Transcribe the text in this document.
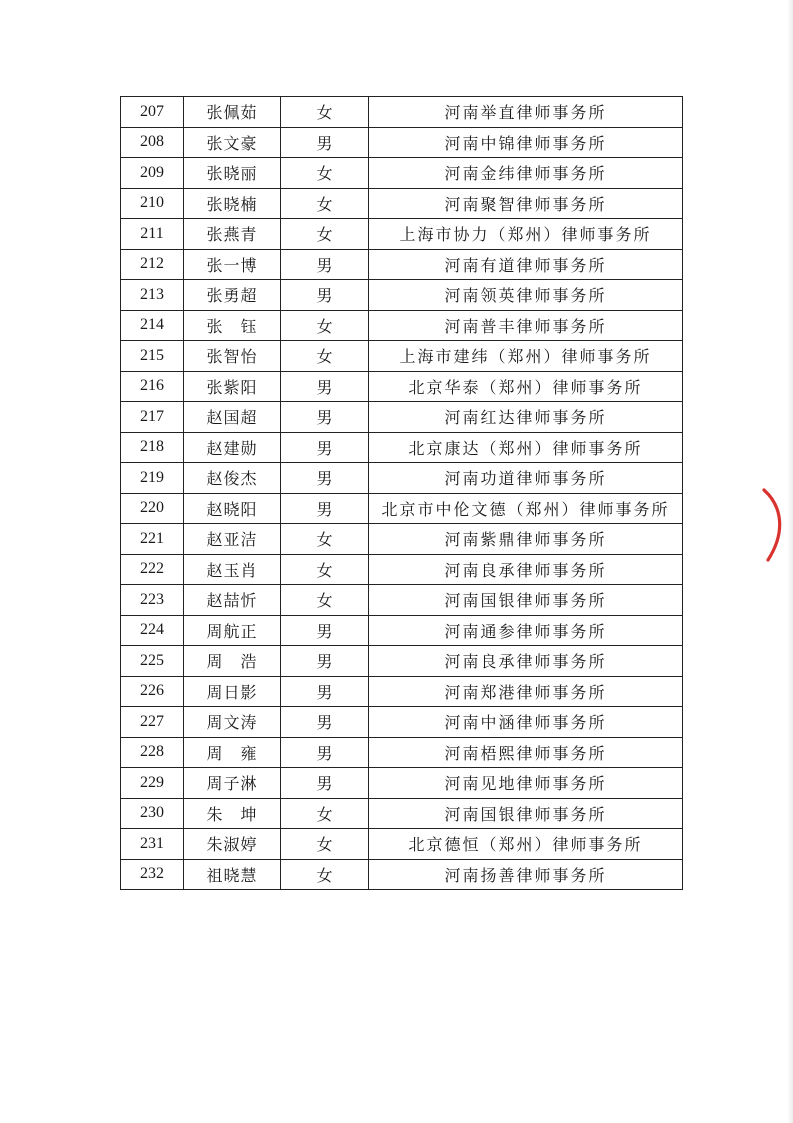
207	张佩茹	女	河南举直律师事务所
208	张文豪	男	河南中锦律师事务所
209	张晓丽	女	河南金纬律师事务所
210	张晓楠	女	河南聚智律师事务所
211	张燕青	女	上海市协力（郑州）律师事务所
212	张一博	男	河南有道律师事务所
213	张勇超	男	河南领英律师事务所
214	张　钰	女	河南普丰律师事务所
215	张智怡	女	上海市建纬（郑州）律师事务所
216	张紫阳	男	北京华泰（郑州）律师事务所
217	赵国超	男	河南红达律师事务所
218	赵建勋	男	北京康达（郑州）律师事务所
219	赵俊杰	男	河南功道律师事务所
220	赵晓阳	男	北京市中伦文德（郑州）律师事务所
221	赵亚洁	女	河南紫鼎律师事务所
222	赵玉肖	女	河南良承律师事务所
223	赵喆忻	女	河南国银律师事务所
224	周航正	男	河南通参律师事务所
225	周　浩	男	河南良承律师事务所
226	周日影	男	河南郑港律师事务所
227	周文涛	男	河南中涵律师事务所
228	周　雍	男	河南梧熙律师事务所
229	周子淋	男	河南见地律师事务所
230	朱　坤	女	河南国银律师事务所
231	朱淑婷	女	北京德恒（郑州）律师事务所
232	祖晓慧	女	河南扬善律师事务所
